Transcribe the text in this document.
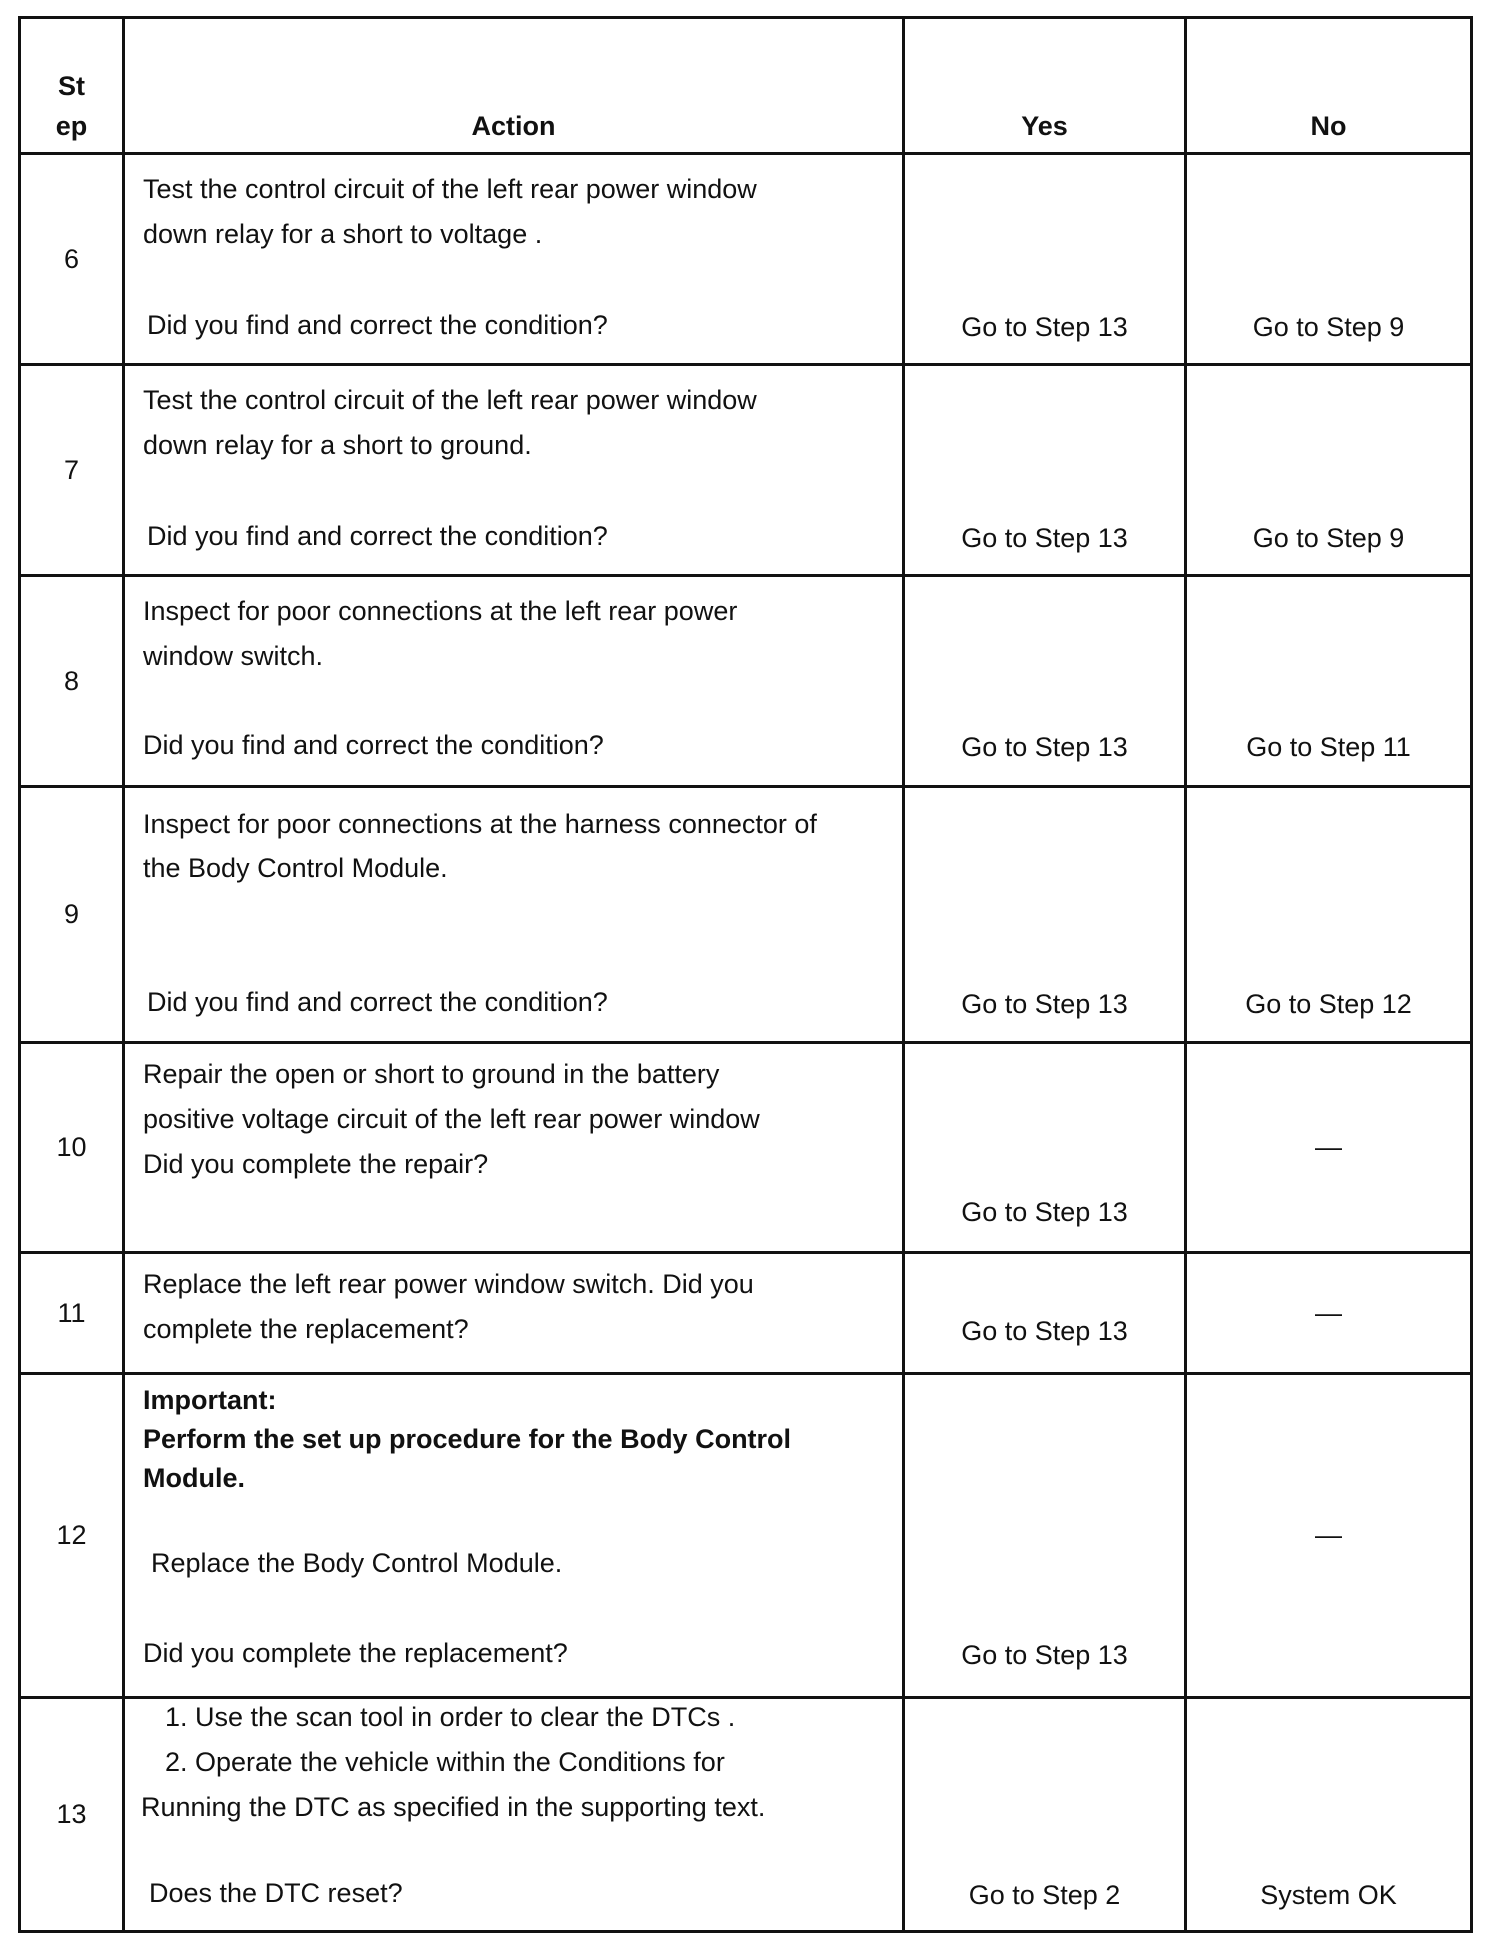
St
ep	Action	Yes	No
6	Test the control circuit of the left rear power window
down relay for a short to voltage .
Did you find and correct the condition?	Go to Step 13	Go to Step 9

7	Test the control circuit of the left rear power window
down relay for a short to ground.
Did you find and correct the condition?	Go to Step 13	Go to Step 9

8	Inspect for poor connections at the left rear power
window switch.
Did you find and correct the condition?	Go to Step 13	Go to Step 11

9	Inspect for poor connections at the harness connector of
the Body Control Module.
Did you find and correct the condition?	Go to Step 13	Go to Step 12

10	Repair the open or short to ground in the battery
positive voltage circuit of the left rear power window
Did you complete the repair?	Go to Step 13	—
11	Replace the left rear power window switch. Did you
complete the replacement?	Go to Step 13	—
12	Important:
Perform the set up procedure for the Body Control
Module.
Replace the Body Control Module.
Did you complete the replacement?	Go to Step 13	—
13	1. Use the scan tool in order to clear the DTCs .
2. Operate the vehicle within the Conditions for
Running the DTC as specified in the supporting text.
Does the DTC reset?	Go to Step 2	System OK
